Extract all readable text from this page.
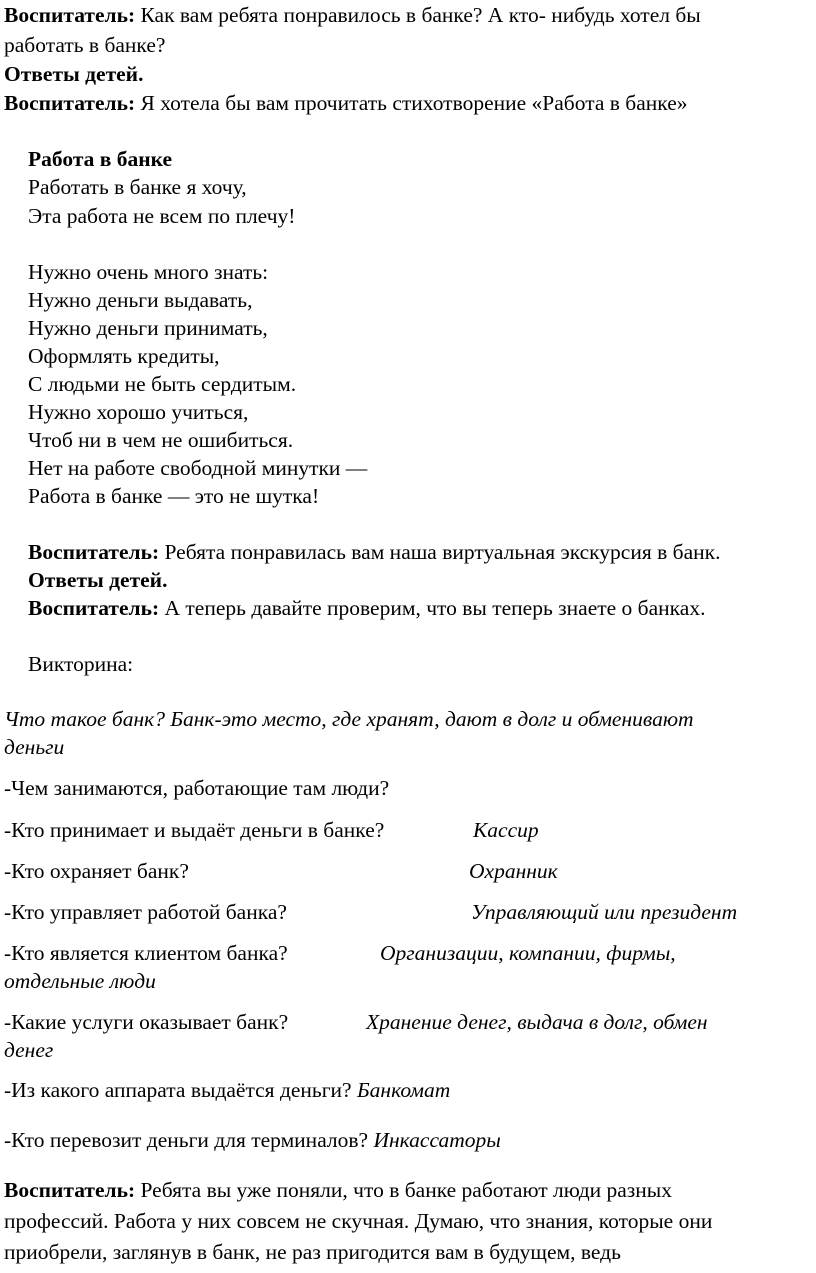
Воспитатель: Как вам ребята понравилось в банке? А кто- нибудь хотел бы
работать в банке?
Ответы детей.
Воспитатель: Я хотела бы вам прочитать стихотворение «Работа в банке»
Работа в банке
Работать в банке я хочу,
Эта работа не всем по плечу!
Нужно очень много знать:
Нужно деньги выдавать,
Нужно деньги принимать,
Оформлять кредиты,
С людьми не быть сердитым.
Нужно хорошо учиться,
Чтоб ни в чем не ошибиться.
Нет на работе свободной минутки —
Работа в банке — это не шутка!
Воспитатель: Ребята понравилась вам наша виртуальная экскурсия в банк.
Ответы детей.
Воспитатель: А теперь давайте проверим, что вы теперь знаете о банках.
Викторина:
Что такое банк? Банк-это место, где хранят, дают в долг и обменивают
деньги
-Чем занимаются, работающие там люди?
-Кто принимает и выдаёт деньги в банке?	Кассир
-Кто охраняет банк?	Охранник
-Кто управляет работой банка?	Управляющий или президент
-Кто является клиентом банка?	Организации, компании, фирмы,
отдельные люди
-Какие услуги оказывает банк?	Хранение денег, выдача в долг, обмен
денег
-Из какого аппарата выдаётся деньги? Банкомат
-Кто перевозит деньги для терминалов? Инкассаторы
Воспитатель: Ребята вы уже поняли, что в банке работают люди разных
профессий. Работа у них совсем не скучная. Думаю, что знания, которые они
приобрели, заглянув в банк, не раз пригодится вам в будущем, ведь
